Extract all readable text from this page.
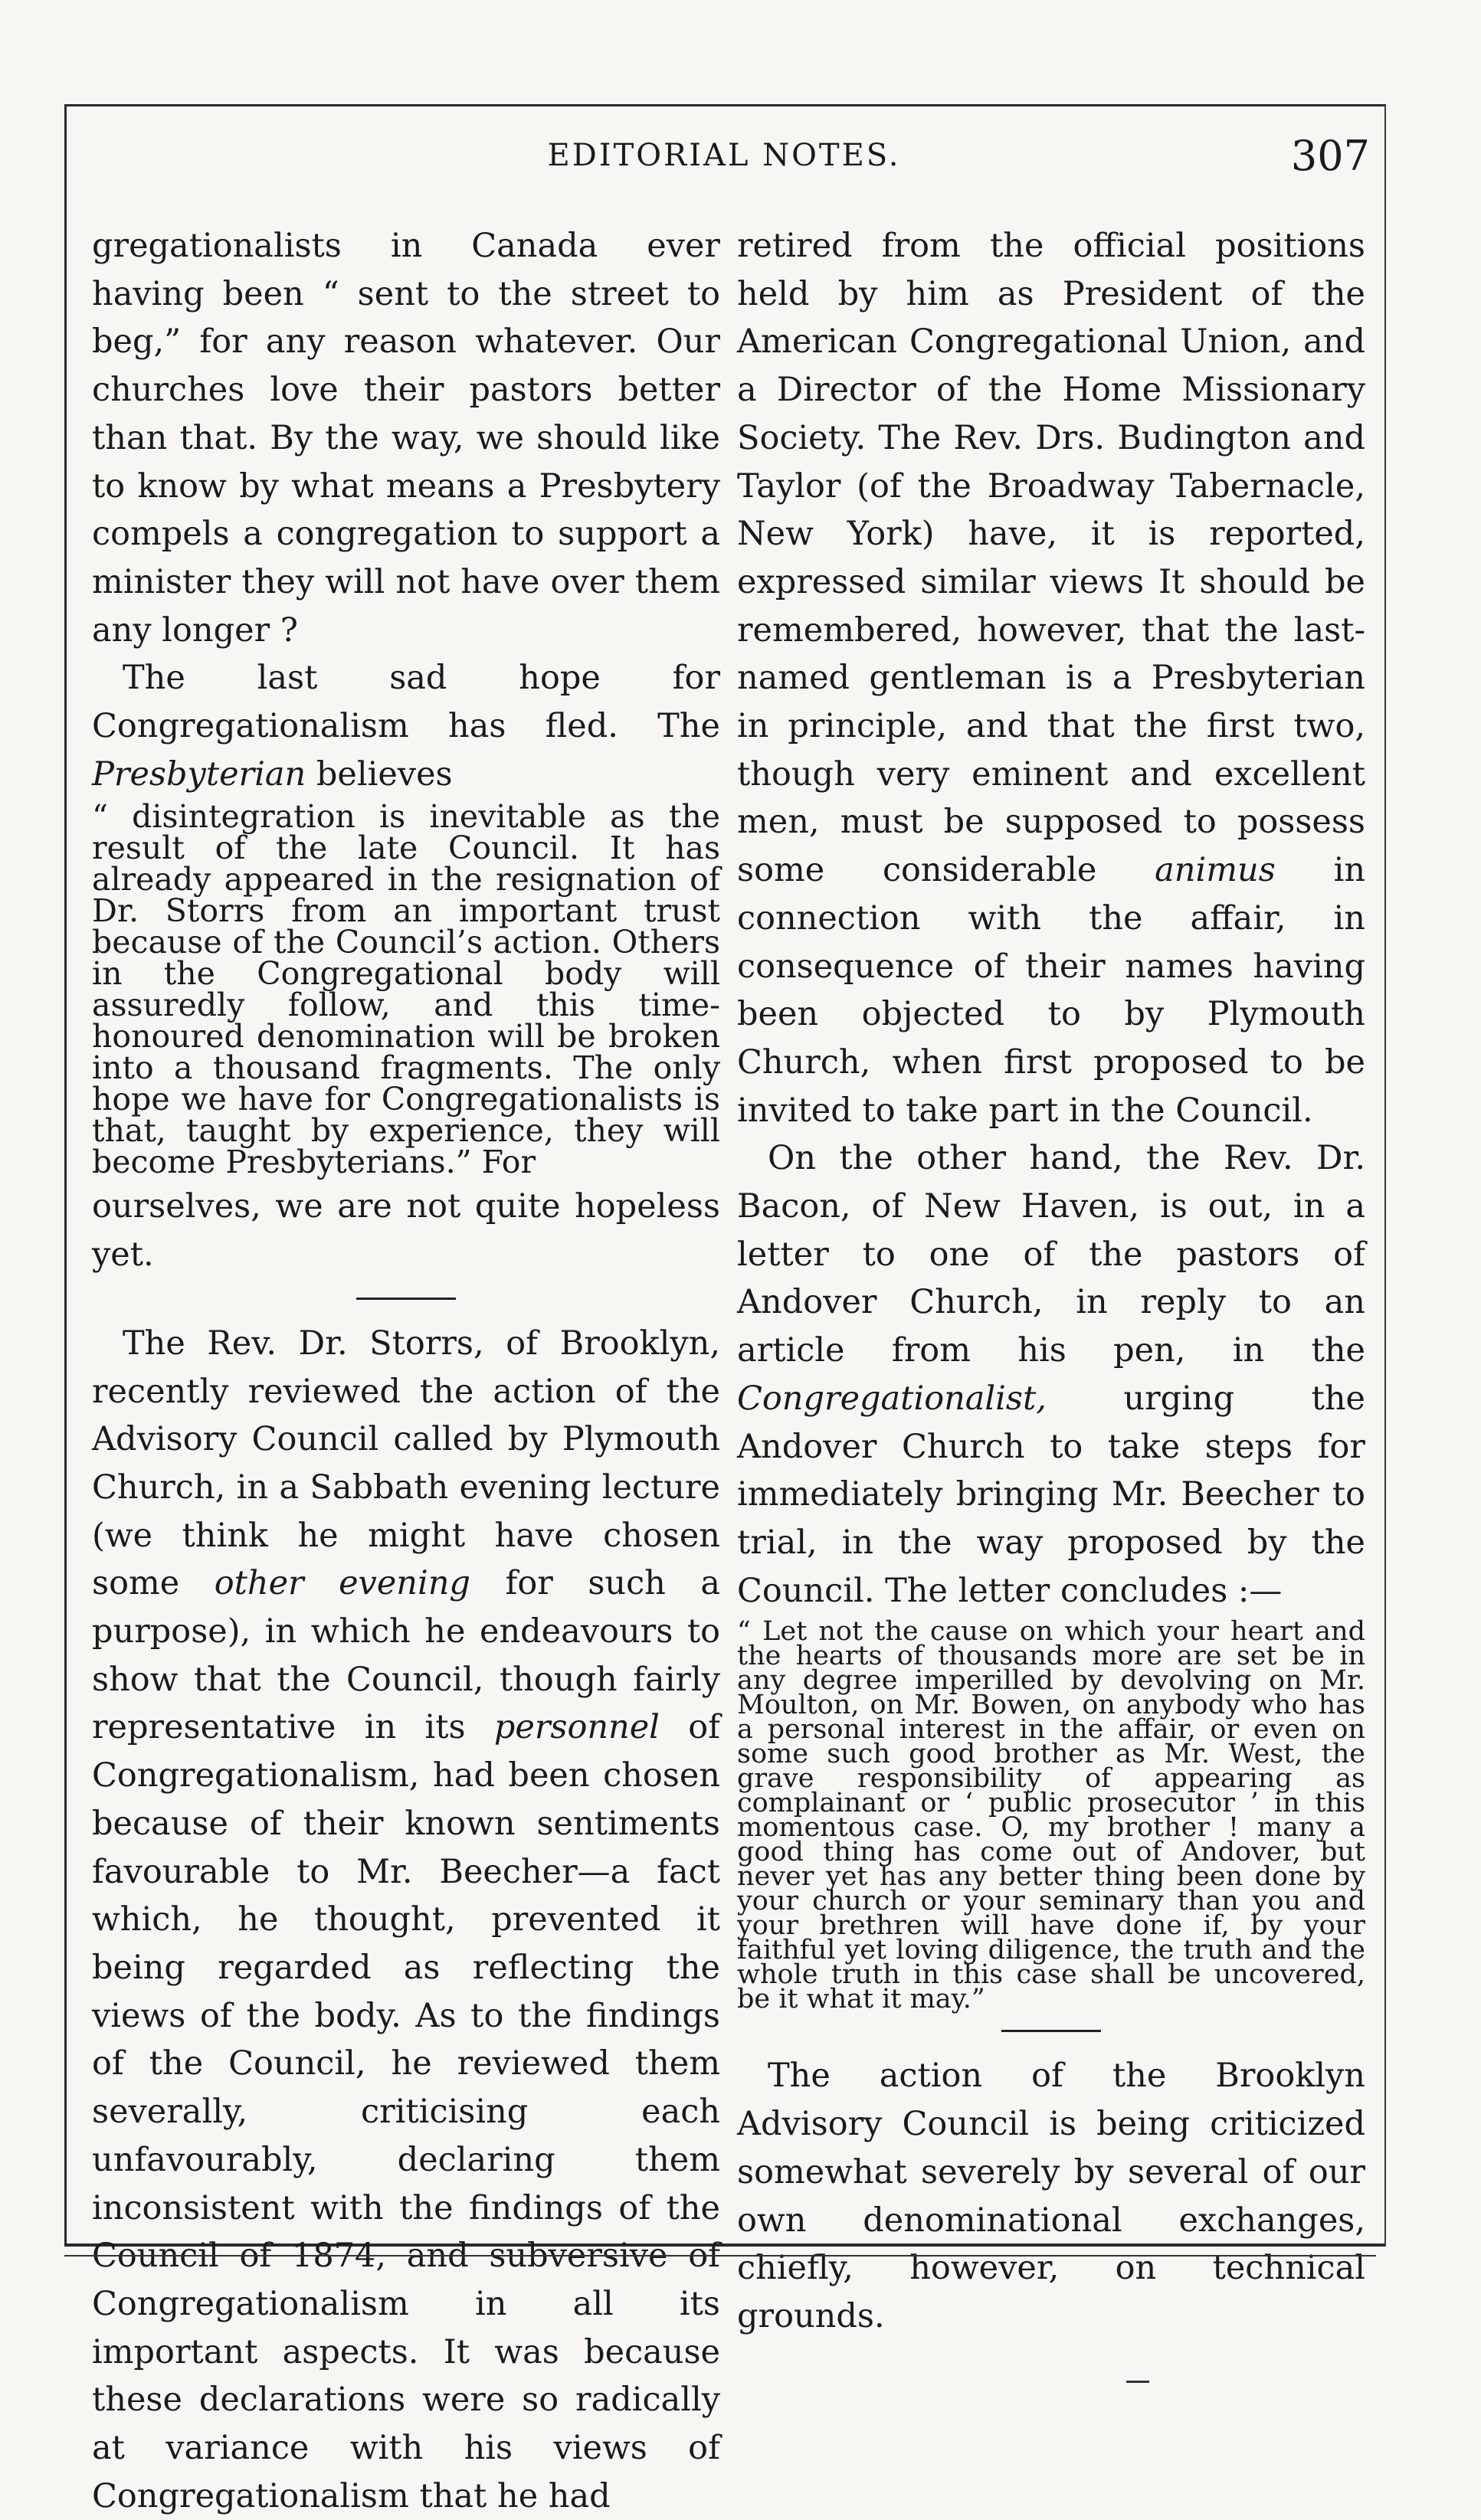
EDITORIAL NOTES.	307

gregationalists in Canada ever having been “ sent to the street to beg,” for any reason whatever. Our churches love their pastors better than that. By the way, we should like to know by what means a Presbytery compels a congregation to support a minister they will not have over them any longer ?

The last sad hope for Congregationalism has fled. The Presbyterian believes

“ disintegration is inevitable as the result of the late Council. It has already appeared in the resignation of Dr. Storrs from an important trust because of the Council’s action. Others in the Congregational body will assuredly follow, and this time-honoured denomination will be broken into a thousand fragments. The only hope we have for Congregationalists is that, taught by experience, they will become Presbyterians.” For

ourselves, we are not quite hopeless yet.

The Rev. Dr. Storrs, of Brooklyn, recently reviewed the action of the Advisory Council called by Plymouth Church, in a Sabbath evening lecture (we think he might have chosen some other evening for such a purpose), in which he endeavours to show that the Council, though fairly representative in its personnel of Congregationalism, had been chosen because of their known sentiments favourable to Mr. Beecher—a fact which, he thought, prevented it being regarded as reflecting the views of the body. As to the findings of the Council, he reviewed them severally, criticising each unfavourably, declaring them inconsistent with the findings of the Council of 1874, and subversive of Congregationalism in all its important aspects. It was because these declarations were so radically at variance with his views of Congregationalism that he had

retired from the official positions held by him as President of the American Congregational Union, and a Director of the Home Missionary Society. The Rev. Drs. Budington and Taylor (of the Broadway Tabernacle, New York) have, it is reported, expressed similar views It should be remembered, however, that the last-named gentleman is a Presbyterian in principle, and that the first two, though very eminent and excellent men, must be supposed to possess some considerable animus in connection with the affair, in consequence of their names having been objected to by Plymouth Church, when first proposed to be invited to take part in the Council.

On the other hand, the Rev. Dr. Bacon, of New Haven, is out, in a letter to one of the pastors of Andover Church, in reply to an article from his pen, in the Congregationalist, urging the Andover Church to take steps for immediately bringing Mr. Beecher to trial, in the way proposed by the Council. The letter concludes :—

“ Let not the cause on which your heart and the hearts of thousands more are set be in any degree imperilled by devolving on Mr. Moulton, on Mr. Bowen, on anybody who has a personal interest in the affair, or even on some such good brother as Mr. West, the grave responsibility of appearing as complainant or ‘ public prosecutor ’ in this momentous case. O, my brother ! many a good thing has come out of Andover, but never yet has any better thing been done by your church or your seminary than you and your brethren will have done if, by your faithful yet loving diligence, the truth and the whole truth in this case shall be uncovered, be it what it may.”

The action of the Brooklyn Advisory Council is being criticized somewhat severely by several of our own denominational exchanges, chiefly, however, on technical grounds.
